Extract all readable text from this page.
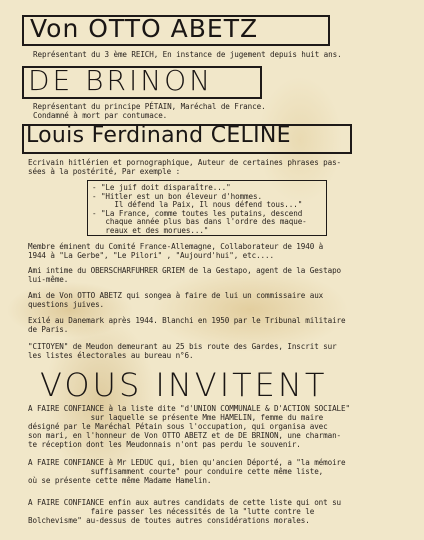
Von OTTO ABETZ
Représentant du 3 ème REICH, En instance de jugement depuis huit ans.
DE BRINON
Représentant du principe PÉTAIN, Maréchal de France.
Condamné à mort par contumace.
Louis Ferdinand CELINE
Ecrivain hitlérien et pornographique, Auteur de certaines phrases pas-
sées à la postérité, Par exemple :
- "Le juif doit disparaître..."
- "Hitler est un bon éleveur d'hommes.
Il défend la Paix, Il nous défend tous..."
- "La France, comme toutes les putains, descend
chaque année plus bas dans l'ordre des maque-
reaux et des morues..."
Membre éminent du Comité France-Allemagne, Collaborateur de 1940 à
1944 à "La Gerbe", "Le Pilori" , "Aujourd'hui", etc....
Ami intime du OBERSCHARFUHRER GRIEM de la Gestapo, agent de la Gestapo
lui-même.
Ami de Von OTTO ABETZ qui songea à faire de lui un commissaire aux
questions juives.
Exilé au Danemark après 1944. Blanchi en 1950 par le Tribunal militaire
de Paris.
"CITOYEN" de Meudon demeurant au 25 bis route des Gardes, Inscrit sur
les listes électorales au bureau n°6.
VOUS INVITENT
A FAIRE CONFIANCE à la liste dite "d'UNION COMMUNALE & D'ACTION SOCIALE"
sur laquelle se présente Mme HAMELIN, femme du maire
désigné par le Maréchal Pétain sous l'occupation, qui organisa avec
son mari, en l'honneur de Von OTTO ABETZ et de DE BRINON, une charman-
te réception dont les Meudonnais n'ont pas perdu le souvenir.
A FAIRE CONFIANCE à Mr LEDUC qui, bien qu'ancien Déporté, a "la mémoire
suffisamment courte" pour conduire cette même liste,
où se présente cette même Madame Hamelin.
A FAIRE CONFIANCE enfin aux autres candidats de cette liste qui ont su
faire passer les nécessités de la "lutte contre le
Bolchevisme" au-dessus de toutes autres considérations morales.
